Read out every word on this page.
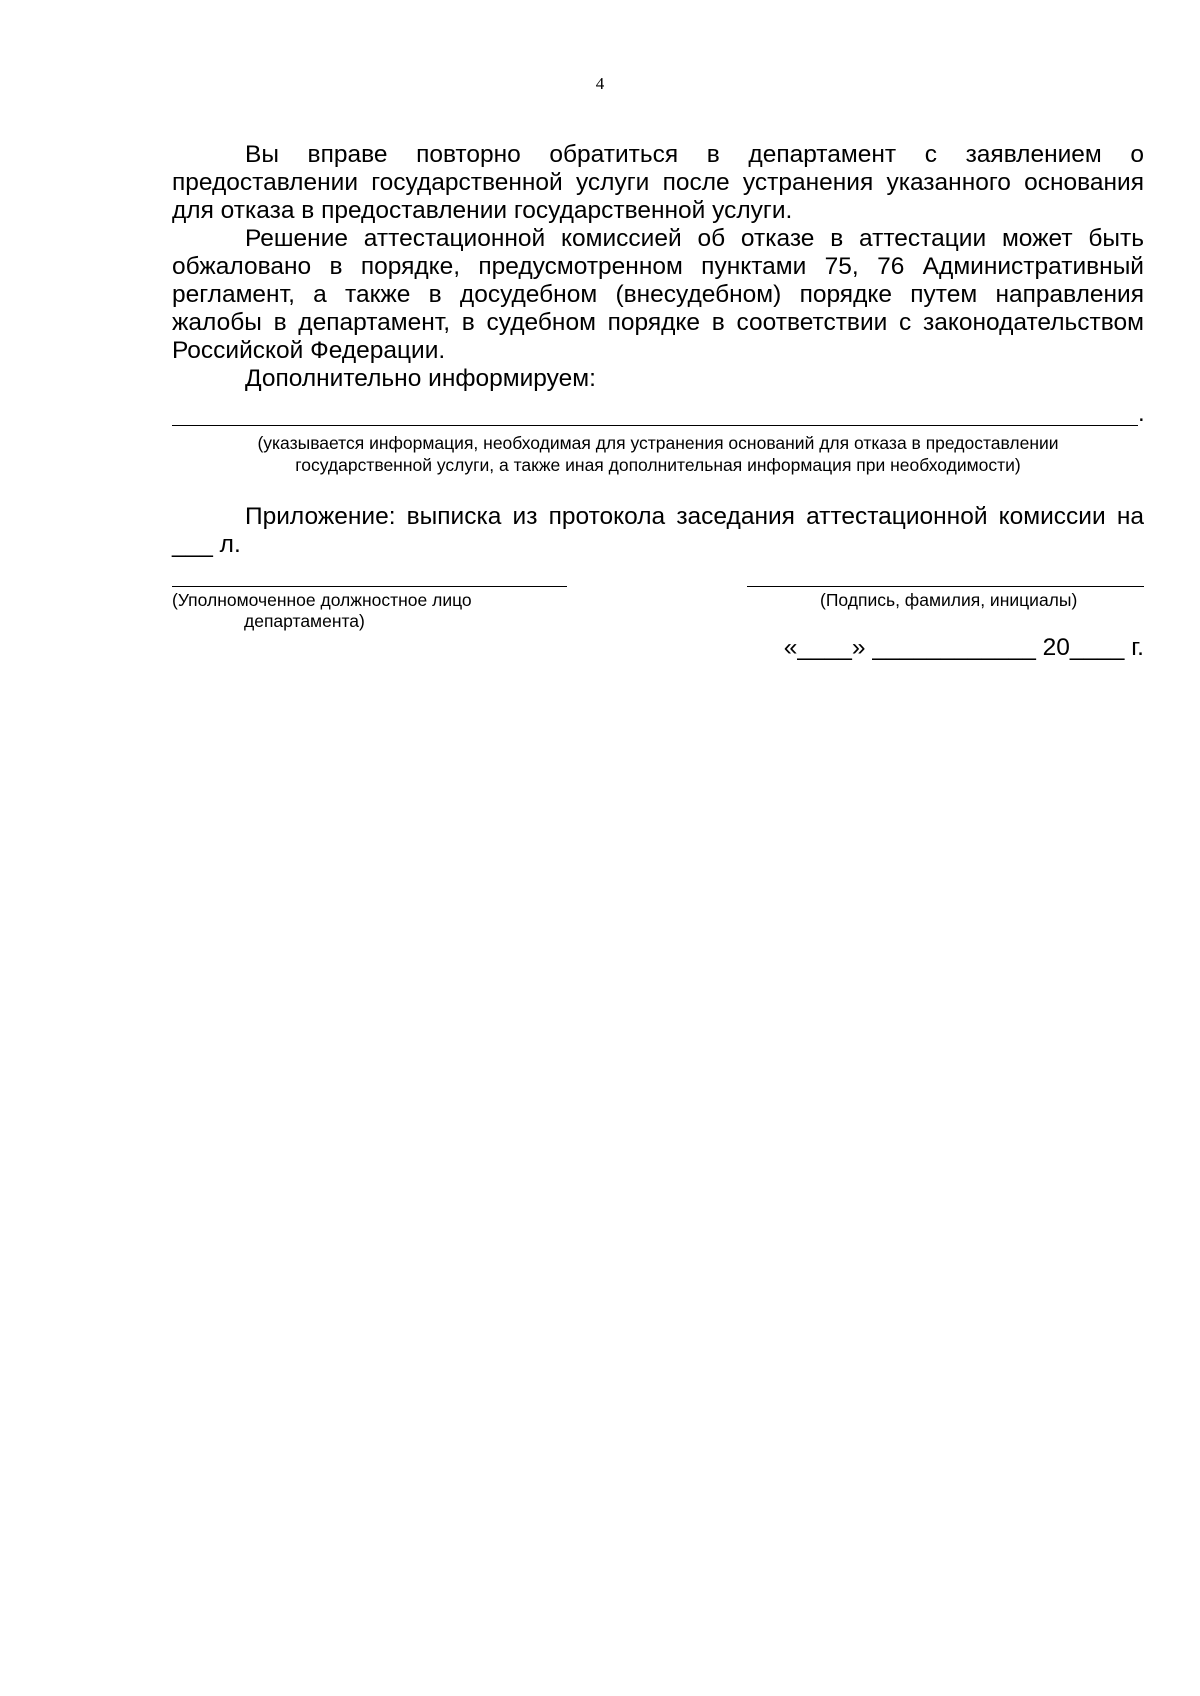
4

Вы вправе повторно обратиться в департамент с заявлением о предоставлении государственной услуги после устранения указанного основания для отказа в предоставлении государственной услуги.

Решение аттестационной комиссией об отказе в аттестации может быть обжаловано в порядке, предусмотренном пунктами 75, 76 Административный регламент, а также в досудебном (внесудебном) порядке путем направления жалобы в департамент, в судебном порядке в соответствии с законодательством Российской Федерации.

Дополнительно информируем:

.
(указывается информация, необходимая для устранения оснований для отказа в предоставлении
государственной услуги, а также иная дополнительная информация при необходимости)

Приложение: выписка из протокола заседания аттестационной комиссии на ___ л.

(Уполномоченное должностное лицо
департамента)
(Подпись, фамилия, инициалы)
«____» ____________ 20____ г.
